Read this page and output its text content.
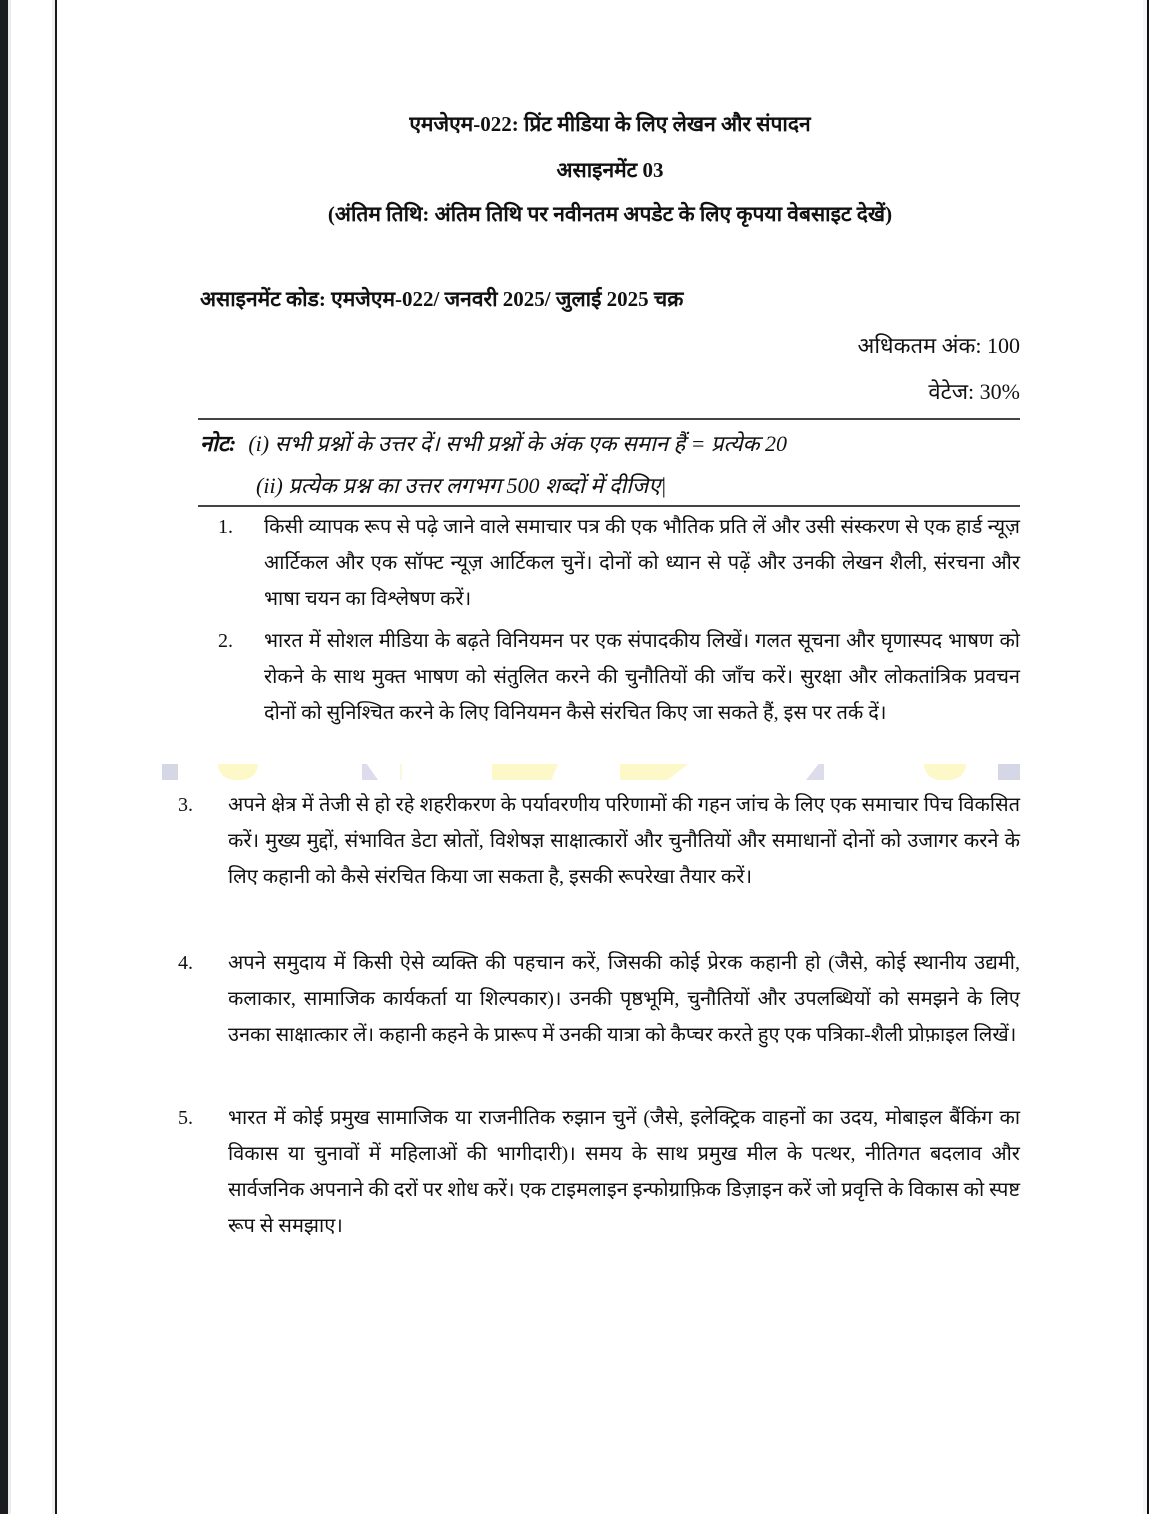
एमजेएम-022: प्रिंट मीडिया के लिए लेखन और संपादन
असाइनमेंट 03
(अंतिम तिथि: अंतिम तिथि पर नवीनतम अपडेट के लिए कृपया वेबसाइट देखें)
असाइनमेंट कोड: एमजेएम-022/ जनवरी 2025/ जुलाई 2025 चक्र
अधिकतम अंक: 100
वेटेज: 30%
नोट: (i) सभी प्रश्नों के उत्तर दें। सभी प्रश्नों के अंक एक समान हैं = प्रत्येक 20
(ii) प्रत्येक प्रश्न का उत्तर लगभग 500 शब्दों में दीजिए|
1. किसी व्यापक रूप से पढ़े जाने वाले समाचार पत्र की एक भौतिक प्रति लें और उसी संस्करण से एक हार्ड न्यूज़ आर्टिकल और एक सॉफ्ट न्यूज़ आर्टिकल चुनें। दोनों को ध्यान से पढ़ें और उनकी लेखन शैली, संरचना और भाषा चयन का विश्लेषण करें।
2. भारत में सोशल मीडिया के बढ़ते विनियमन पर एक संपादकीय लिखें। गलत सूचना और घृणास्पद भाषण को रोकने के साथ मुक्त भाषण को संतुलित करने की चुनौतियों की जाँच करें। सुरक्षा और लोकतांत्रिक प्रवचन दोनों को सुनिश्चित करने के लिए विनियमन कैसे संरचित किए जा सकते हैं, इस पर तर्क दें।
3. अपने क्षेत्र में तेजी से हो रहे शहरीकरण के पर्यावरणीय परिणामों की गहन जांच के लिए एक समाचार पिच विकसित करें। मुख्य मुद्दों, संभावित डेटा स्रोतों, विशेषज्ञ साक्षात्कारों और चुनौतियों और समाधानों दोनों को उजागर करने के लिए कहानी को कैसे संरचित किया जा सकता है, इसकी रूपरेखा तैयार करें।
4. अपने समुदाय में किसी ऐसे व्यक्ति की पहचान करें, जिसकी कोई प्रेरक कहानी हो (जैसे, कोई स्थानीय उद्यमी, कलाकार, सामाजिक कार्यकर्ता या शिल्पकार)। उनकी पृष्ठभूमि, चुनौतियों और उपलब्धियों को समझने के लिए उनका साक्षात्कार लें। कहानी कहने के प्रारूप में उनकी यात्रा को कैप्चर करते हुए एक पत्रिका-शैली प्रोफ़ाइल लिखें।
5. भारत में कोई प्रमुख सामाजिक या राजनीतिक रुझान चुनें (जैसे, इलेक्ट्रिक वाहनों का उदय, मोबाइल बैंकिंग का विकास या चुनावों में महिलाओं की भागीदारी)। समय के साथ प्रमुख मील के पत्थर, नीतिगत बदलाव और सार्वजनिक अपनाने की दरों पर शोध करें। एक टाइमलाइन इन्फोग्राफ़िक डिज़ाइन करें जो प्रवृत्ति के विकास को स्पष्ट रूप से समझाए।
